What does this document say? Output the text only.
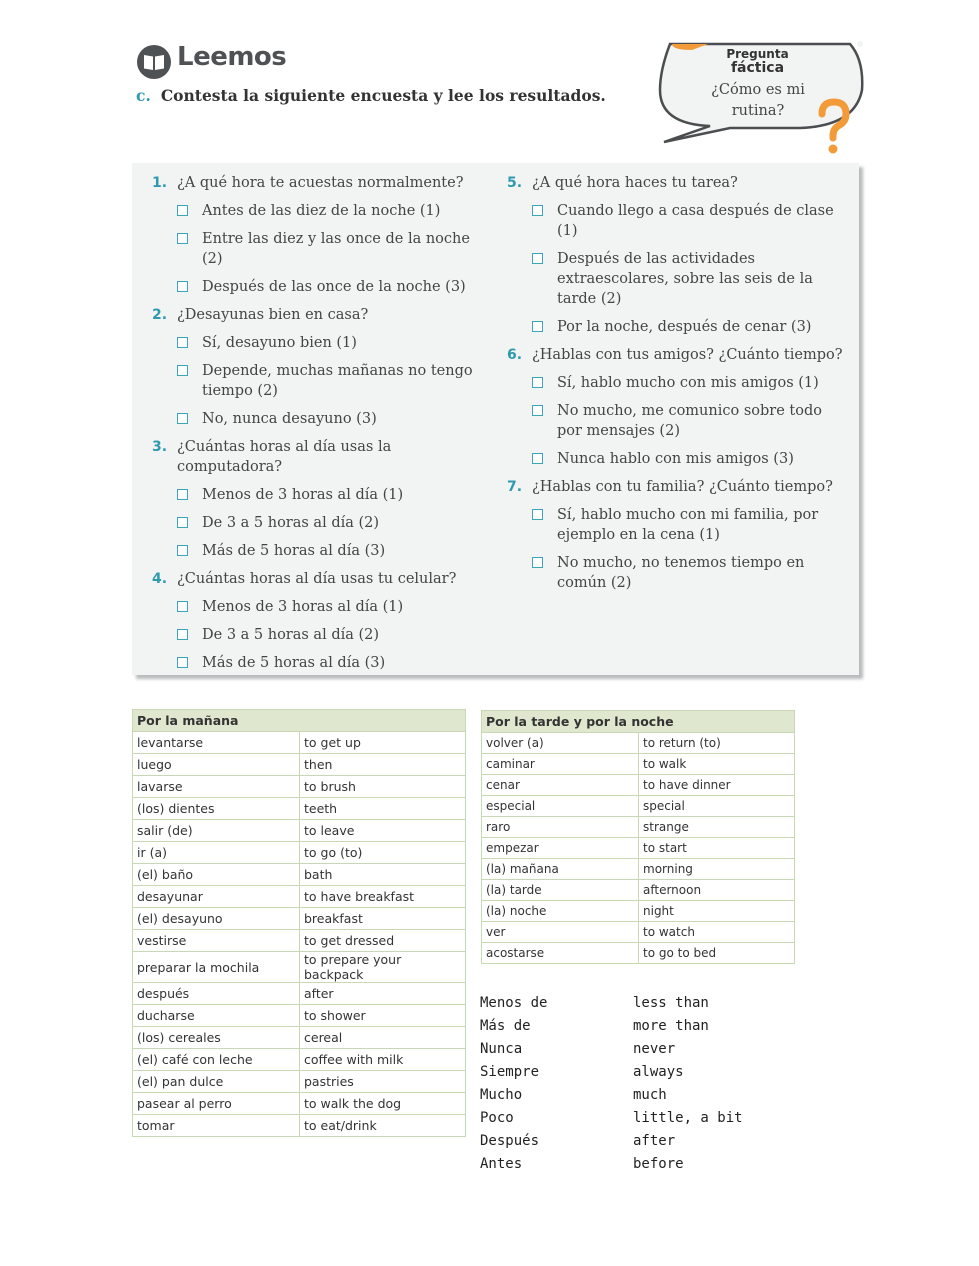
Leemos
c. Contesta la siguiente encuesta y lee los resultados.
Pregunta
fáctica
¿Cómo es mi rutina?
1. ¿A qué hora te acuestas normalmente?
Antes de las diez de la noche (1)
Entre las diez y las once de la noche (2)
Después de las once de la noche (3)
2. ¿Desayunas bien en casa?
Sí, desayuno bien (1)
Depende, muchas mañanas no tengo tiempo (2)
No, nunca desayuno (3)
3. ¿Cuántas horas al día usas la computadora?
Menos de 3 horas al día (1)
De 3 a 5 horas al día (2)
Más de 5 horas al día (3)
4. ¿Cuántas horas al día usas tu celular?
Menos de 3 horas al día (1)
De 3 a 5 horas al día (2)
Más de 5 horas al día (3)
5. ¿A qué hora haces tu tarea?
Cuando llego a casa después de clase (1)
Después de las actividades extraescolares, sobre las seis de la tarde (2)
Por la noche, después de cenar (3)
6. ¿Hablas con tus amigos? ¿Cuánto tiempo?
Sí, hablo mucho con mis amigos (1)
No mucho, me comunico sobre todo por mensajes (2)
Nunca hablo con mis amigos (3)
7. ¿Hablas con tu familia? ¿Cuánto tiempo?
Sí, hablo mucho con mi familia, por ejemplo en la cena (1)
No mucho, no tenemos tiempo en común (2)
Por la mañana	
levantarse	to get up
luego	then
lavarse	to brush
(los) dientes	teeth
salir (de)	to leave
ir (a)	to go (to)
(el) baño	bath
desayunar	to have breakfast
(el) desayuno	breakfast
vestirse	to get dressed
preparar la mochila	to prepare your backpack
después	after
ducharse	to shower
(los) cereales	cereal
(el) café con leche	coffee with milk
(el) pan dulce	pastries
pasear al perro	to walk the dog
tomar	to eat/drink
Por la tarde y por la noche	
volver (a)	to return (to)
caminar	to walk
cenar	to have dinner
especial	special
raro	strange
empezar	to start
(la) mañana	morning
(la) tarde	afternoon
(la) noche	night
ver	to watch
acostarse	to go to bed
Menos de	less than
Más de	more than
Nunca	never
Siempre	always
Mucho	much
Poco	little, a bit
Después	after
Antes	before
